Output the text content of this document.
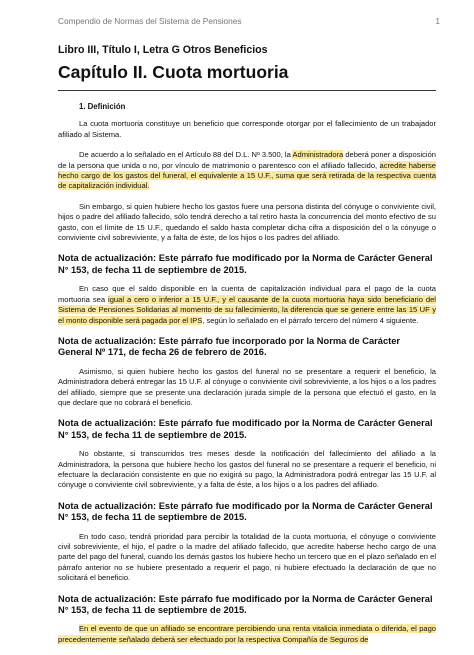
Compendio de Normas del Sistema de Pensiones	1
Libro III, Título I, Letra G Otros Beneficios
Capítulo II. Cuota mortuoria
1. Definición

La cuota mortuoria constituye un beneficio que corresponde otorgar por el fallecimiento de un trabajador afiliado al Sistema.

De acuerdo a lo señalado en el Artículo 88 del D.L. Nº 3.500, la Administradora deberá poner a disposición de la persona que unida o no, por vínculo de matrimonio o parentesco con el afiliado fallecido, acredite haberse hecho cargo de los gastos del funeral, el equivalente a 15 U.F., suma que será retirada de la respectiva cuenta de capitalización individual.

Sin embargo, si quien hubiere hecho los gastos fuere una persona distinta del cónyuge o conviviente civil, hijos o padre del afiliado fallecido, sólo tendrá derecho a tal retiro hasta la concurrencia del monto efectivo de su gasto, con el límite de 15 U.F., quedando el saldo hasta completar dicha cifra a disposición del o la cónyuge o conviviente civil sobreviviente, y a falta de éste, de los hijos o los padres del afiliado.

Nota de actualización: Este párrafo fue modificado por la Norma de Carácter General N° 153, de fecha 11 de septiembre de 2015.

En caso que el saldo disponible en la cuenta de capitalización individual para el pago de la cuota mortuoria sea igual a cero o inferior a 15 U.F., y el causante de la cuota mortuoria haya sido beneficiario del Sistema de Pensiones Solidarias al momento de su fallecimiento, la diferencia que se genere entre las 15 UF y el monto disponible será pagada por el IPS, según lo señalado en el párrafo tercero del número 4 siguiente.

Nota de actualización: Este párrafo fue incorporado por la Norma de Carácter General Nº 171, de fecha 26 de febrero de 2016.

Asimismo, si quien hubiere hecho los gastos del funeral no se presentare a requerir el beneficio, la Administradora deberá entregar las 15 U.F. al cónyuge o conviviente civil sobreviviente, a los hijos o a los padres del afiliado, siempre que se presente una declaración jurada simple de la persona que efectuó el gasto, en la que declare que no cobrará el beneficio.

Nota de actualización: Este párrafo fue modificado por la Norma de Carácter General N° 153, de fecha 11 de septiembre de 2015.

No obstante, si transcurridos tres meses desde la notificación del fallecimiento del afiliado a la Administradora, la persona que hubiere hecho los gastos del funeral no se presentare a requerir el beneficio, ni efectuare la declaración consistente en que no exigirá su pago, la Administradora podrá entregar las 15 U.F. al cónyuge o conviviente civil sobreviviente, y a falta de éste, a los hijos o a los padres del afiliado.

Nota de actualización: Este párrafo fue modificado por la Norma de Carácter General N° 153, de fecha 11 de septiembre de 2015.

En todo caso, tendrá prioridad para percibir la totalidad de la cuota mortuoria, el cónyuge o conviviente civil sobreviviente, el hijo, el padre o la madre del afiliado fallecido, que acredite haberse hecho cargo de una parte del pago del funeral, cuando los demás gastos los hubiere hecho un tercero que en el plazo señalado en el párrafo anterior no se hubiere presentado a requerir el pago, ni hubiere efectuado la declaración de que no solicitará el beneficio.

Nota de actualización: Este párrafo fue modificado por la Norma de Carácter General N° 153, de fecha 11 de septiembre de 2015.

En el evento de que un afiliado se encontrare percibiendo una renta vitalicia inmediata o diferida, el pago precedentemente señalado deberá ser efectuado por la respectiva Compañía de Seguros de
